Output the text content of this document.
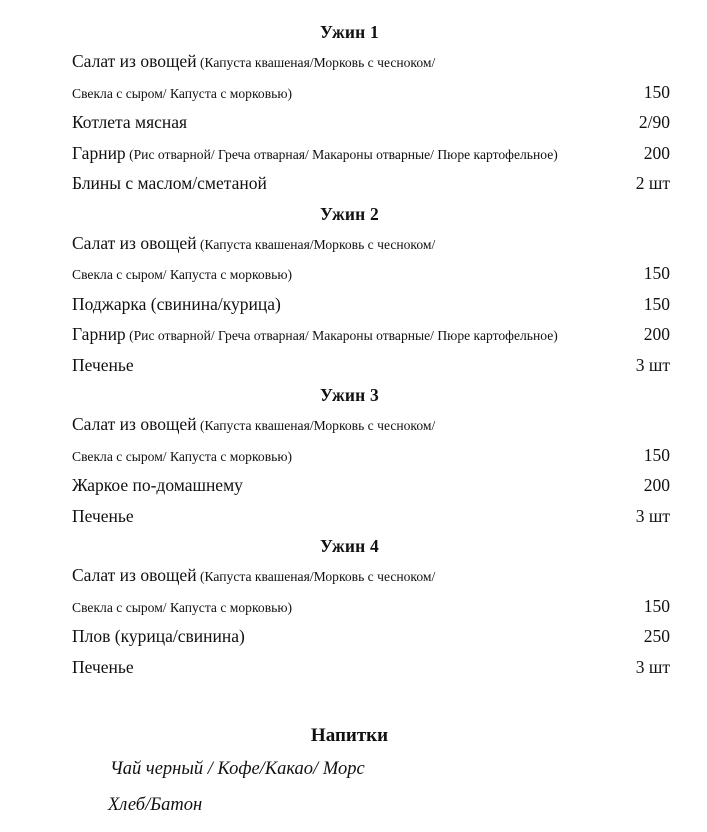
Ужин 1
Салат из овощей (Капуста квашеная/Морковь с чесноком/
Свекла с сыром/ Капуста с морковью)	150
Котлета мясная	2/90
Гарнир (Рис отварной/ Греча отварная/ Макароны отварные/ Пюре картофельное)	200
Блины с маслом/сметаной	2 шт
Ужин 2
Салат из овощей (Капуста квашеная/Морковь с чесноком/
Свекла с сыром/ Капуста с морковью)	150
Поджарка (свинина/курица)	150
Гарнир (Рис отварной/ Греча отварная/ Макароны отварные/ Пюре картофельное)	200
Печенье	3 шт
Ужин 3
Салат из овощей (Капуста квашеная/Морковь с чесноком/
Свекла с сыром/ Капуста с морковью)	150
Жаркое по-домашнему	200
Печенье	3 шт
Ужин 4
Салат из овощей (Капуста квашеная/Морковь с чесноком/
Свекла с сыром/ Капуста с морковью)	150
Плов (курица/свинина)	250
Печенье	3 шт
Напитки
Чай черный / Кофе/Какао/ Морс
Хлеб/Батон
